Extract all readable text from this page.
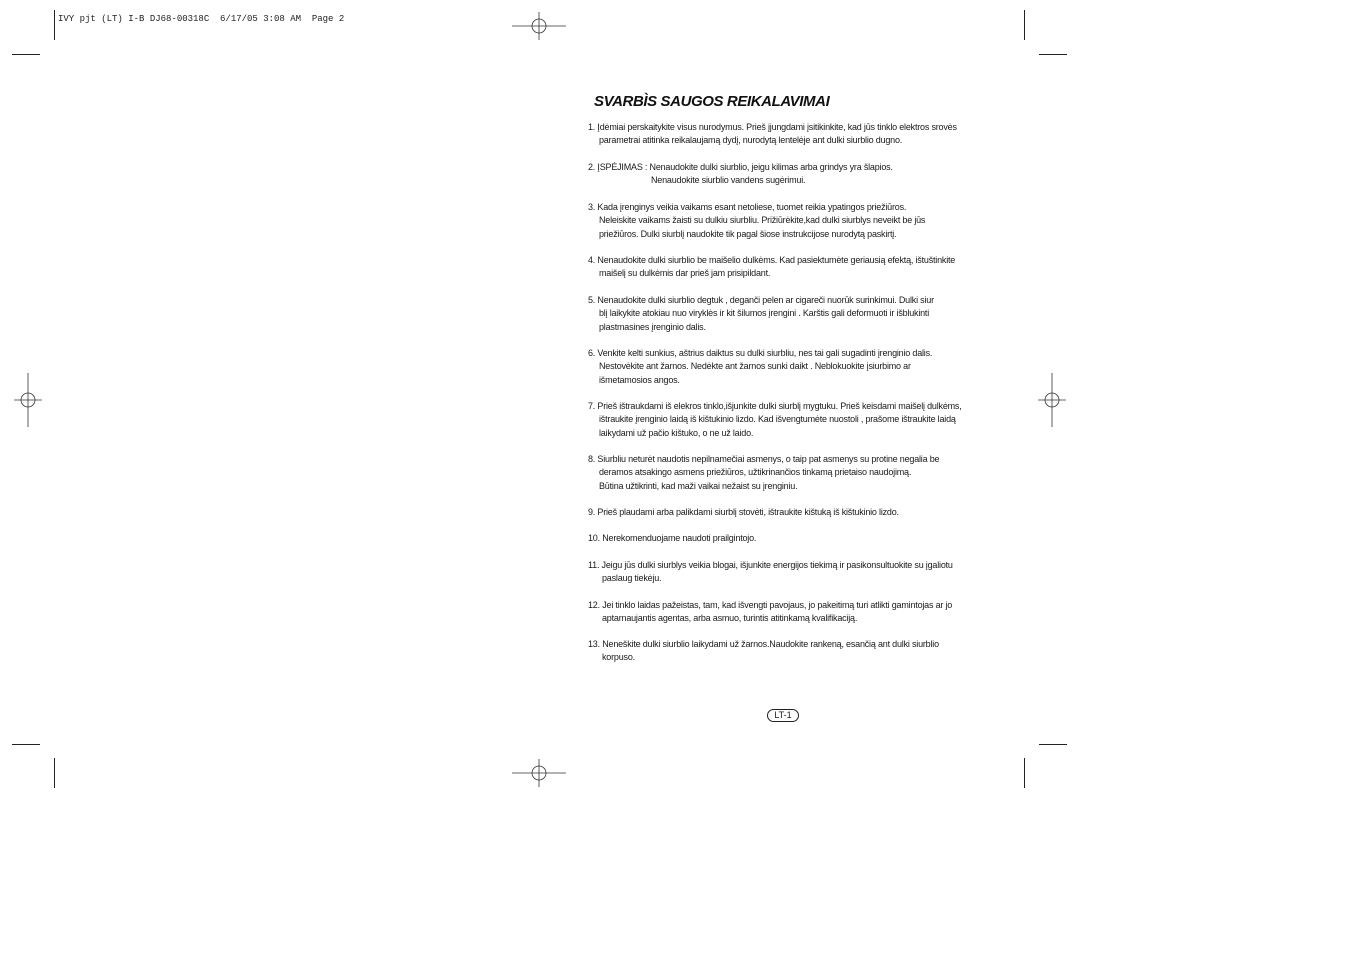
IVY pjt (LT) I-B DJ68-00318C  6/17/05 3:08 AM  Page 2
SVARBÌS SAUGOS REIKALAVIMAI
1. Įdėmiai perskaitykite visus nurodymus. Prieš įjungdami įsitikinkite, kad jūs tinklo elektros srovės
parametrai atitinka reikalaujamą dydį, nurodytą lentelėje ant dulki siurblio dugno.
2. ĮSPĖJIMAS : Nenaudokite dulki siurblio, jeigu kilimas arba grindys yra šlapios.
Nenaudokite siurblio vandens sugėrimui.
3. Kada įrenginys veikia vaikams esant netoliese, tuomet reikia ypatingos priežiūros.
Neleiskite vaikams žaisti su dulkiu siurbliu. Prižiūrėkite,kad dulki siurblys neveikt be jūs
priežiūros. Dulki siurblį naudokite tik pagal šiose instrukcijose nurodytą paskirtį.
4. Nenaudokite dulki siurblio be maišelio dulkėms. Kad pasiektumėte geriausią efektą, ištuštinkite
maišelį su dulkėmis dar prieš jam prisipildant.
5. Nenaudokite dulki siurblio degtuk , deganči pelen ar cigareči nuorūk surinkimui. Dulki siur
blį laikykite atokiau nuo viryklės ir kit šilumos įrengini . Karštis gali deformuoti ir išblukinti
plastmasines įrenginio dalis.
6. Venkite kelti sunkius, aštrius daiktus su dulki siurbliu, nes tai gali sugadinti įrenginio dalis.
Nestovėkite ant žarnos. Nedėkte ant žarnos sunki daikt . Neblokuokite įsiurbimo ar
išmetamosios angos.
7. Prieš ištraukdami iš elekros tinklo,išjunkite dulki siurblį mygtuku. Prieš keisdami maišelį dulkėms,
ištraukite įrenginio laidą iš kištukinio lizdo. Kad išvengtumėte nuostoli , prašome ištraukite laidą
laikydami už pačio kištuko, o ne už laido.
8. Siurbliu neturėt naudotis nepilnamečiai asmenys, o taip pat asmenys su protine negalia be
deramos atsakingo asmens priežiūros, užtikrinančios tinkamą prietaiso naudojimą.
Būtina užtikrinti, kad maži vaikai nežaist su įrenginiu.
9. Prieš plaudami arba palikdami siurblį stovėti, ištraukite kištuką iš kištukinio lizdo.
10. Nerekomenduojame naudoti prailgintojo.
11. Jeigu jūs dulki siurblys veikia blogai, išjunkite energijos tiekimą ir pasikonsultuokite su įgaliotu
paslaug tiekėju.
12. Jei tinklo laidas pažeistas, tam, kad išvengti pavojaus, jo pakeitimą turi atlikti gamintojas ar jo
aptarnaujantis agentas, arba asmuo, turintis atitinkamą kvalifikaciją.
13. Neneškite dulki siurblio laikydami už žarnos.Naudokite rankeną, esančią ant dulki siurblio
korpuso.
LT-1
